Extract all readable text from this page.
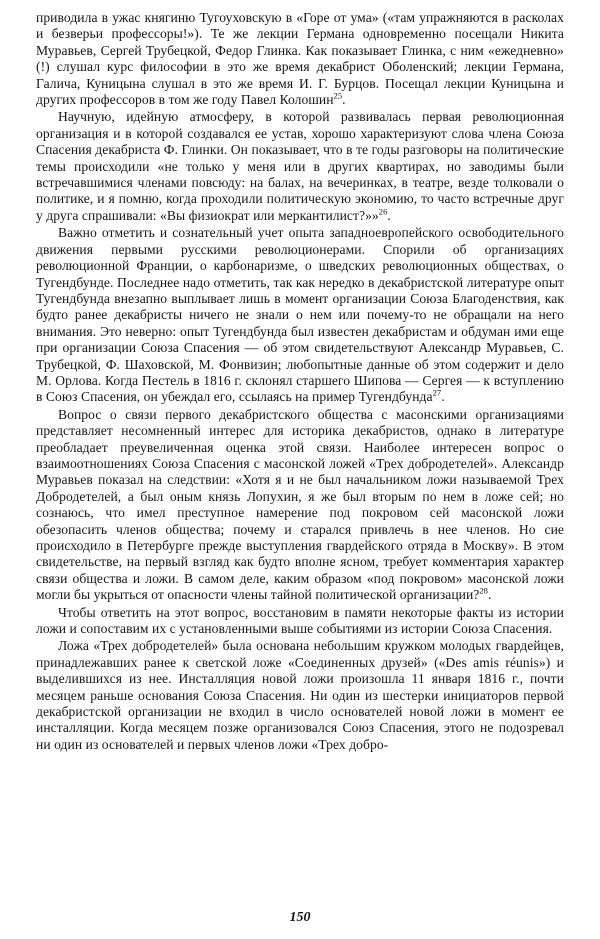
приводила в ужас княгиню Тугоуховскую в «Горе от ума» («там упражняются в расколах и безверьи профессоры!»). Те же лекции Германа одновременно посещали Никита Муравьев, Сергей Трубецкой, Федор Глинка. Как показывает Глинка, с ним «ежедневно» (!) слушал курс философии в это же время декабрист Оболенский; лекции Германа, Галича, Куницына слушал в это же время И. Г. Бурцов. Посещал лекции Куницына и других профессоров в том же году Павел Колошин$^{25}$.

Научную, идейную атмосферу, в которой развивалась первая революционная организация и в которой создавался ее устав, хорошо характеризуют слова члена Союза Спасения декабриста Ф. Глинки. Он показывает, что в те годы разговоры на политические темы происходили «не только у меня или в других квартирах, но заводимы были встречавшимися членами повсюду: на балах, на вечеринках, в театре, везде толковали о политике, и я помню, когда проходили политическую экономию, то часто встречные друг у друга спрашивали: «Вы физиократ или меркантилист?»»$^{26}$.

Важно отметить и сознательный учет опыта западноевропейского освободительного движения первыми русскими революционерами. Спорили об организациях революционной Франции, о карбонаризме, о шведских революционных обществах, о Тугендбунде. Последнее надо отметить, так как нередко в декабристской литературе опыт Тугендбунда внезапно выплывает лишь в момент организации Союза Благоденствия, как будто ранее декабристы ничего не знали о нем или почему-то не обращали на него внимания. Это неверно: опыт Тугендбунда был известен декабристам и обдуман ими еще при организации Союза Спасения — об этом свидетельствуют Александр Муравьев, С. Трубецкой, Ф. Шаховской, М. Фонвизин; любопытные данные об этом содержит и дело М. Орлова. Когда Пестель в 1816 г. склонял старшего Шипова — Сергея — к вступлению в Союз Спасения, он убеждал его, ссылаясь на пример Тугендбунда$^{27}$.

Вопрос о связи первого декабристского общества с масонскими организациями представляет несомненный интерес для историка декабристов, однако в литературе преобладает преувеличенная оценка этой связи. Наиболее интересен вопрос о взаимоотношениях Союза Спасения с масонской ложей «Трех добродетелей». Александр Муравьев показал на следствии: «Хотя я и не был начальником ложи называемой Трех Добродетелей, а был оным князь Лопухин, я же был вторым по нем в ложе сей; но сознаюсь, что имел преступное намерение под покровом сей масонской ложи обезопасить членов общества; почему и старался привлечь в нее членов. Но сие происходило в Петербурге прежде выступления гвардейского отряда в Москву». В этом свидетельстве, на первый взгляд как будто вполне ясном, требует комментария характер связи общества и ложи. В самом деле, каким образом «под покровом» масонской ложи могли бы укрыться от опасности члены тайной политической организации?$^{28}$.

Чтобы ответить на этот вопрос, восстановим в памяти некоторые факты из истории ложи и сопоставим их с установленными выше событиями из истории Союза Спасения.

Ложа «Трех добродетелей» была основана небольшим кружком молодых гвардейцев, принадлежавших ранее к светской ложе «Соединенных друзей» («Des amis réunis») и выделившихся из нее. Инсталляция новой ложи произошла 11 января 1816 г., почти месяцем раньше основания Союза Спасения. Ни один из шестерки инициаторов первой декабристской организации не входил в число основателей новой ложи в момент ее инсталляции. Когда месяцем позже организовался Союз Спасения, этого не подозревал ни один из основателей и первых членов ложи «Трех добро-

150
